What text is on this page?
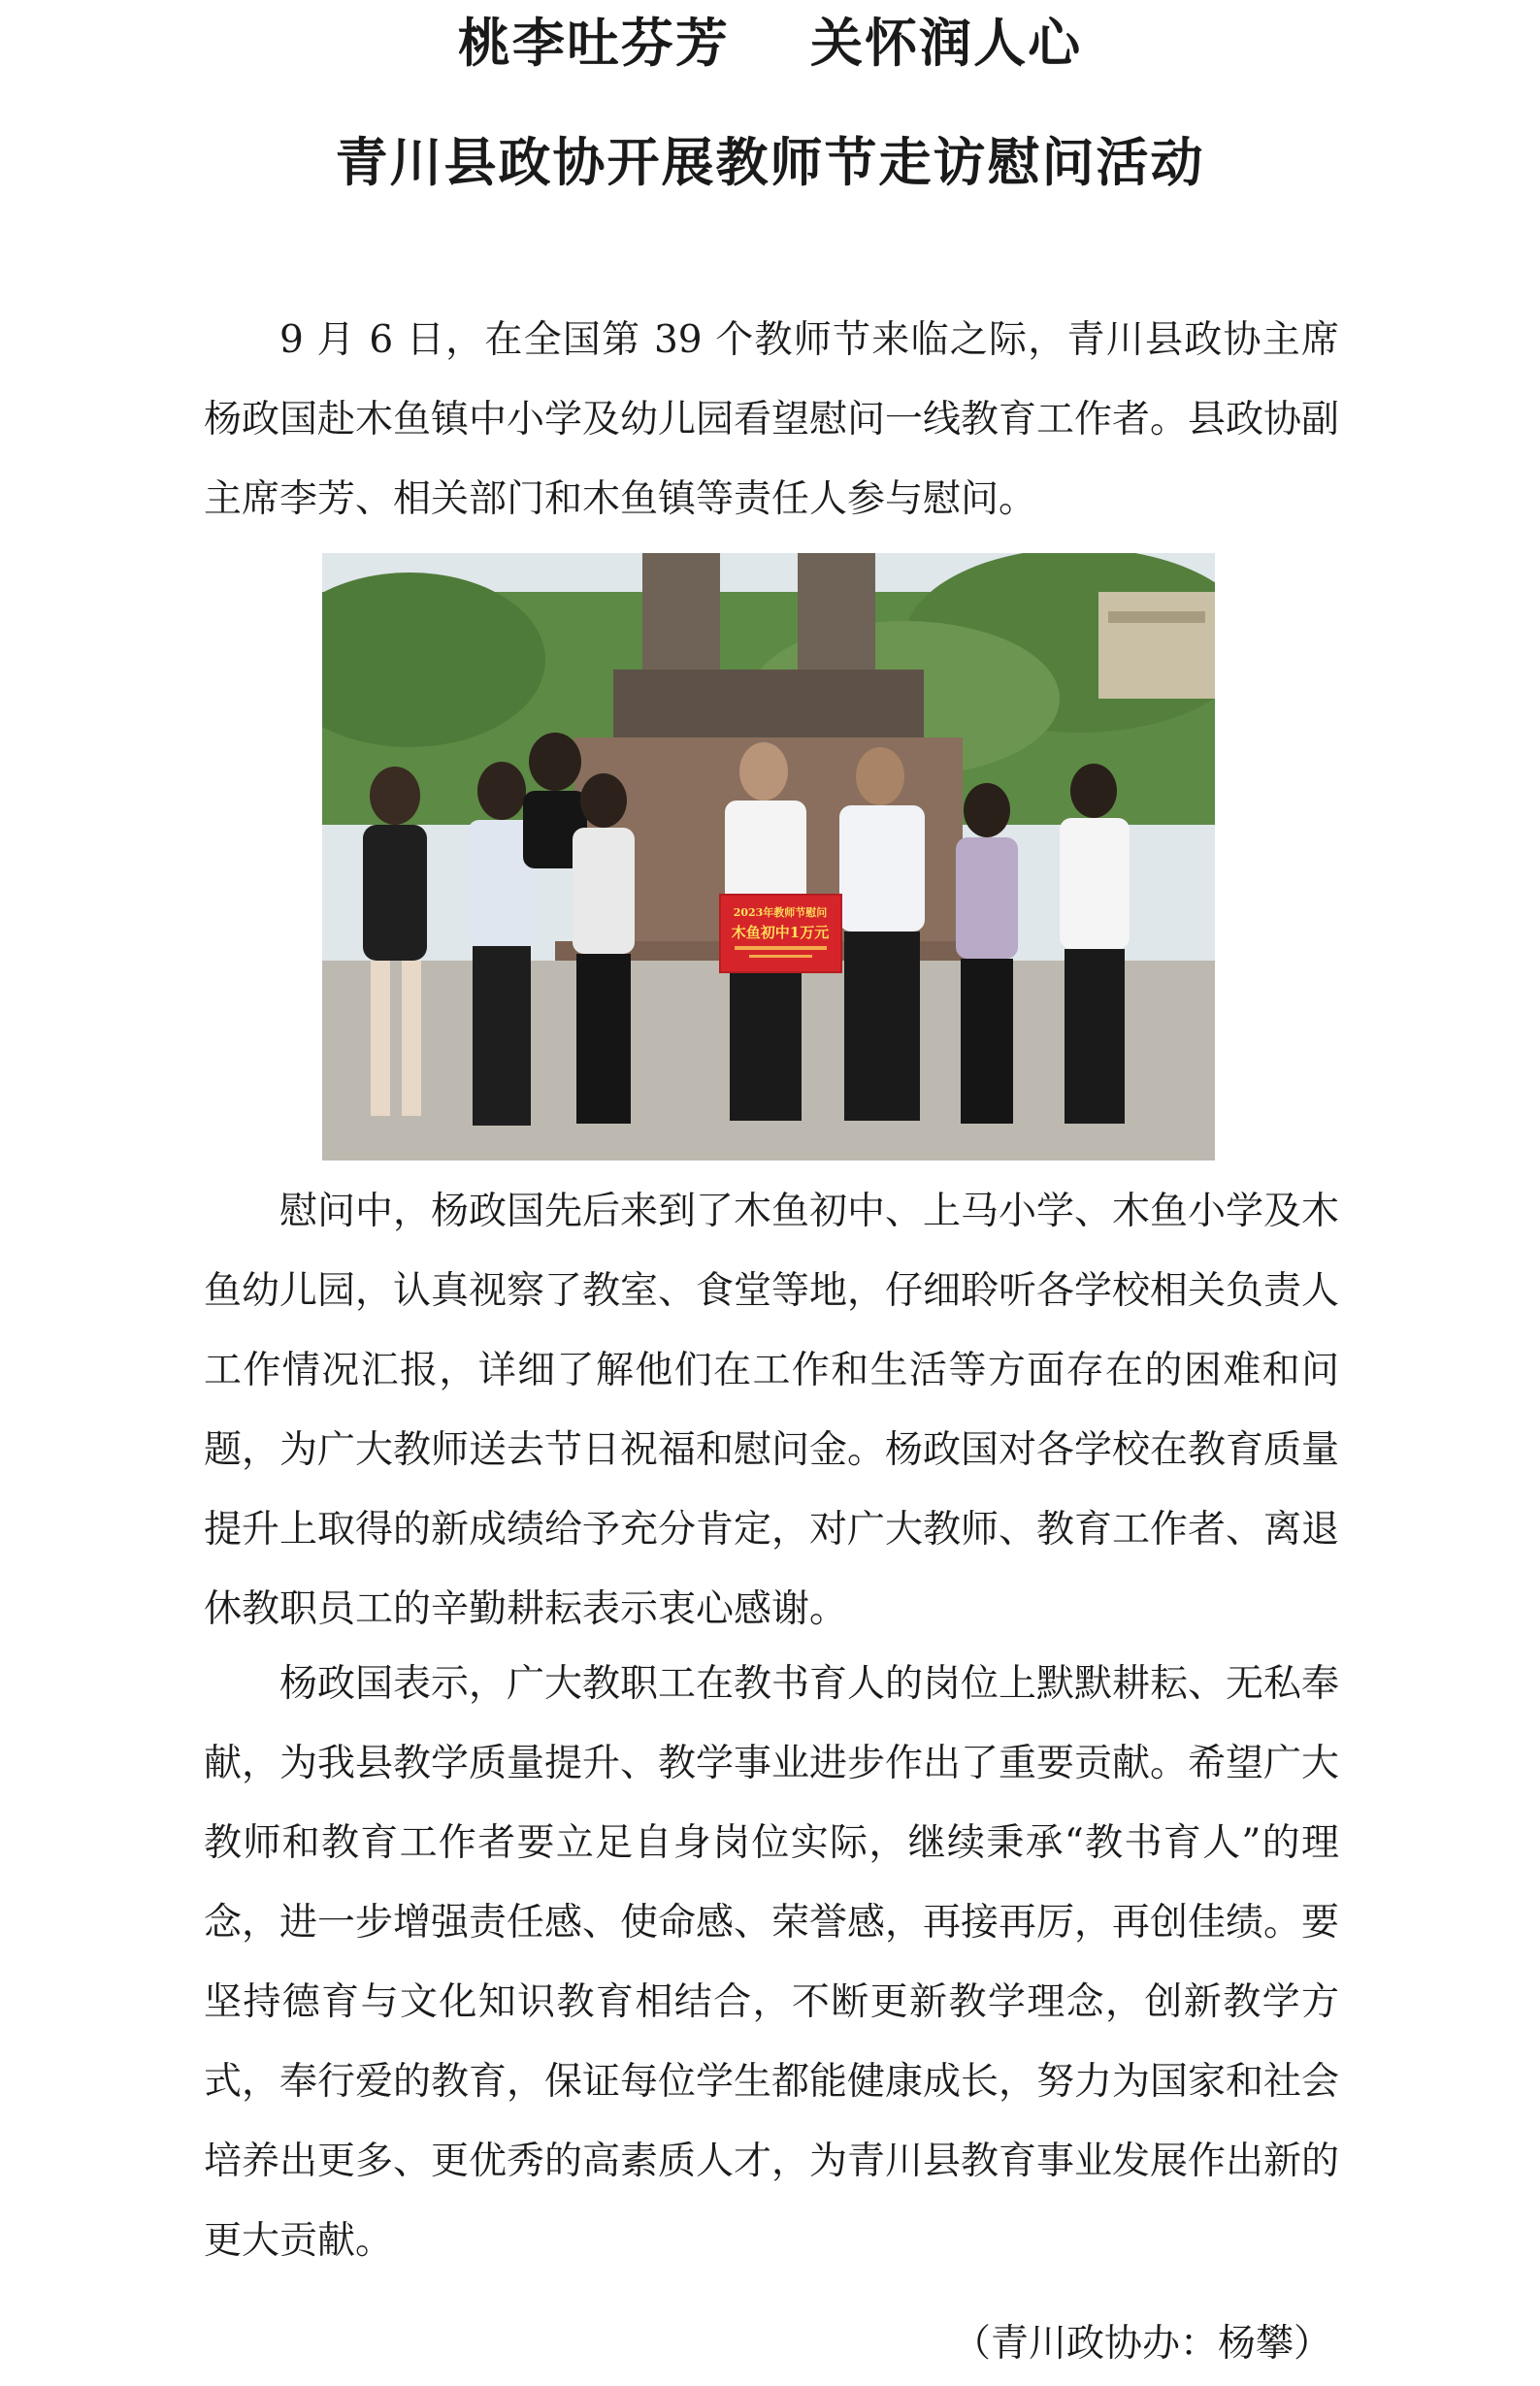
桃李吐芬芳    关怀润人心
青川县政协开展教师节走访慰问活动

9 月 6 日，在全国第 39 个教师节来临之际，青川县政协主席杨政国赴木鱼镇中小学及幼儿园看望慰问一线教育工作者。县政协副主席李芳、相关部门和木鱼镇等责任人参与慰问。

2023年教师节慰问
木鱼初中1万元

慰问中，杨政国先后来到了木鱼初中、上马小学、木鱼小学及木鱼幼儿园，认真视察了教室、食堂等地，仔细聆听各学校相关负责人工作情况汇报，详细了解他们在工作和生活等方面存在的困难和问题，为广大教师送去节日祝福和慰问金。杨政国对各学校在教育质量提升上取得的新成绩给予充分肯定，对广大教师、教育工作者、离退休教职员工的辛勤耕耘表示衷心感谢。

杨政国表示，广大教职工在教书育人的岗位上默默耕耘、无私奉献，为我县教学质量提升、教学事业进步作出了重要贡献。希望广大教师和教育工作者要立足自身岗位实际，继续秉承“教书育人”的理念，进一步增强责任感、使命感、荣誉感，再接再厉，再创佳绩。要坚持德育与文化知识教育相结合，不断更新教学理念，创新教学方式，奉行爱的教育，保证每位学生都能健康成长，努力为国家和社会培养出更多、更优秀的高素质人才，为青川县教育事业发展作出新的更大贡献。

（青川政协办：杨攀）
